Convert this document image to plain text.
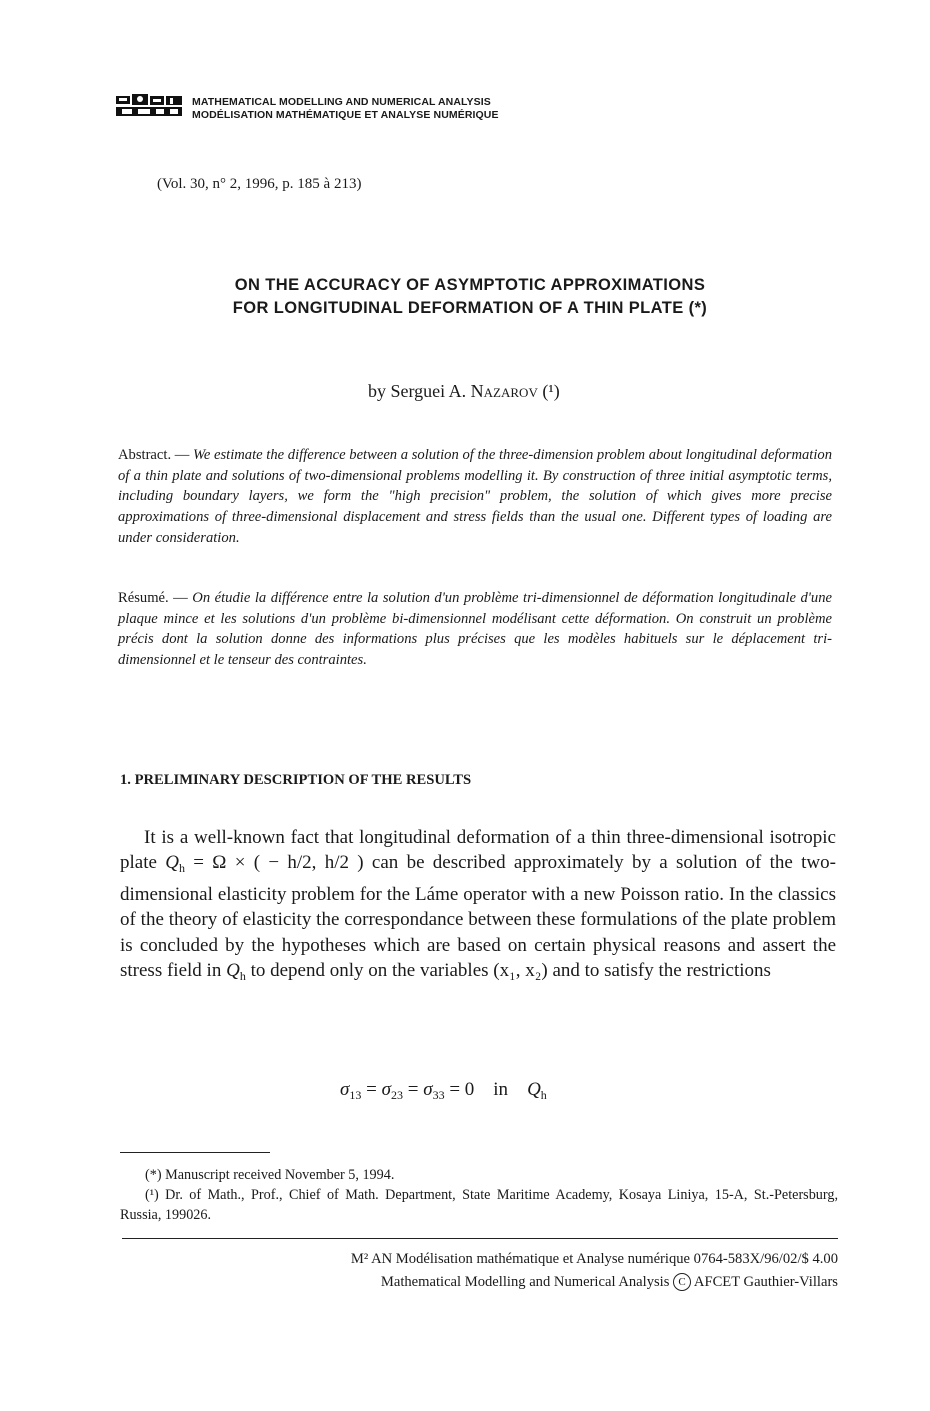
MATHEMATICAL MODELLING AND NUMERICAL ANALYSIS
MODÉLISATION MATHÉMATIQUE ET ANALYSE NUMÉRIQUE
(Vol. 30, n° 2, 1996, p. 185 à 213)
ON THE ACCURACY OF ASYMPTOTIC APPROXIMATIONS
FOR LONGITUDINAL DEFORMATION OF A THIN PLATE (*)
by Serguei A. Nazarov (¹)
Abstract. — We estimate the difference between a solution of the three-dimension problem about longitudinal deformation of a thin plate and solutions of two-dimensional problems modelling it. By construction of three initial asymptotic terms, including boundary layers, we form the "high precision" problem, the solution of which gives more precise approximations of three-dimensional displacement and stress fields than the usual one. Different types of loading are under consideration.
Résumé. — On étudie la différence entre la solution d'un problème tri-dimensionnel de déformation longitudinale d'une plaque mince et les solutions d'un problème bi-dimensionnel modélisant cette déformation. On construit un problème précis dont la solution donne des informations plus précises que les modèles habituels sur le déplacement tri-dimensionnel et le tenseur des contraintes.
1. PRELIMINARY DESCRIPTION OF THE RESULTS
It is a well-known fact that longitudinal deformation of a thin three-dimensional isotropic plate $Q_h = \Omega$ × ( − h/2, h/2 ) can be described approximately by a solution of the two-dimensional elasticity problem for the Láme operator with a new Poisson ratio. In the classics of the theory of elasticity the correspondance between these formulations of the plate problem is concluded by the hypotheses which are based on certain physical reasons and assert the stress field in $Q_h$ to depend only on the variables (x₁, x₂) and to satisfy the restrictions
$\sigma_{13} = \sigma_{23} = \sigma_{33} = 0$ in $Q_h$
(*) Manuscript received November 5, 1994.
(¹) Dr. of Math., Prof., Chief of Math. Department, State Maritime Academy, Kosaya Liniya, 15-A, St.-Petersburg, Russia, 199026.
M² AN Modélisation mathématique et Analyse numérique 0764-583X/96/02/$ 4.00
Mathematical Modelling and Numerical Analysis C AFCET Gauthier-Villars
